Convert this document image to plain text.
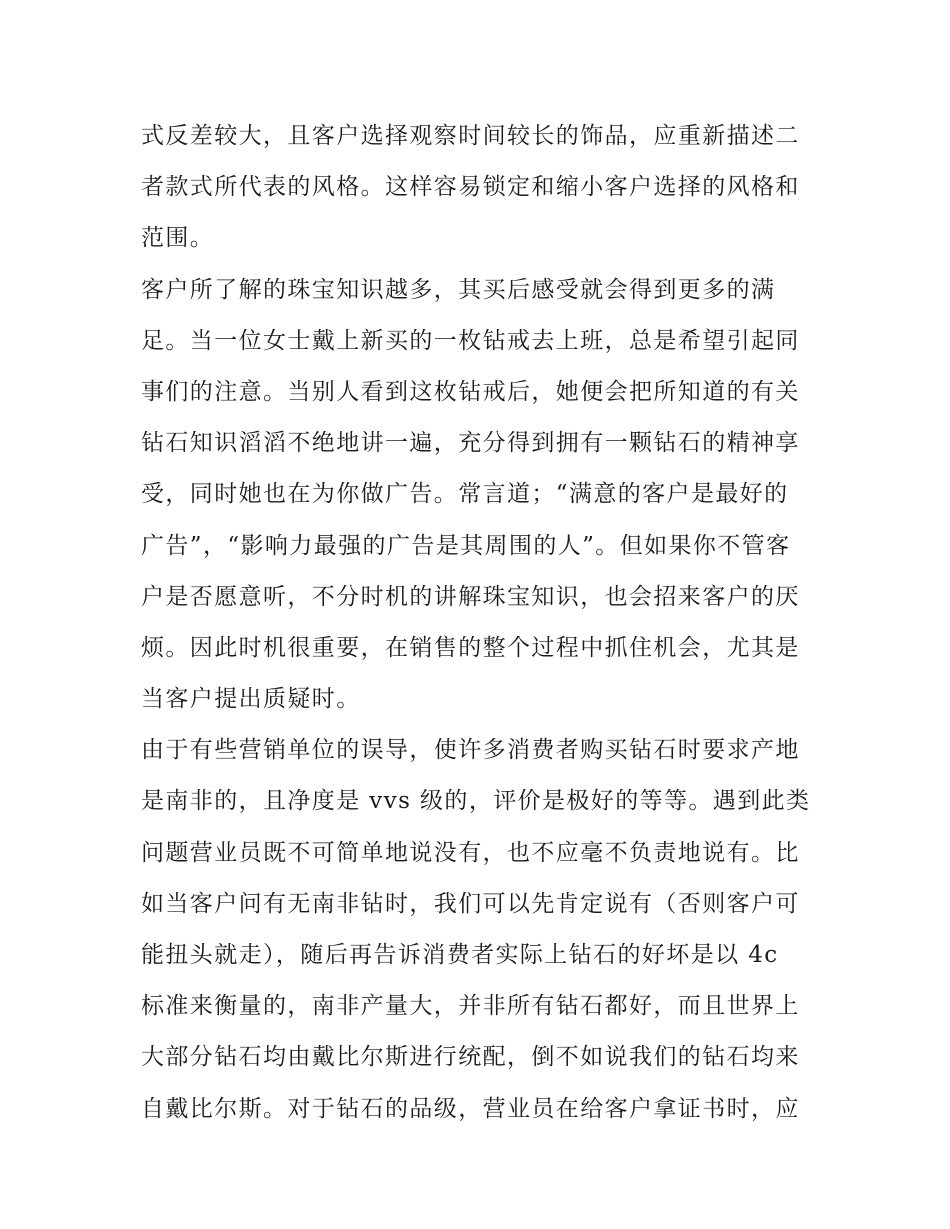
式反差较大，且客户选择观察时间较长的饰品，应重新描述二
者款式所代表的风格。这样容易锁定和缩小客户选择的风格和
范围。
客户所了解的珠宝知识越多，其买后感受就会得到更多的满
足。当一位女士戴上新买的一枚钻戒去上班，总是希望引起同
事们的注意。当别人看到这枚钻戒后，她便会把所知道的有关
钻石知识滔滔不绝地讲一遍，充分得到拥有一颗钻石的精神享
受，同时她也在为你做广告。常言道；“满意的客户是最好的
广告”，“影响力最强的广告是其周围的人”。但如果你不管客
户是否愿意听，不分时机的讲解珠宝知识，也会招来客户的厌
烦。因此时机很重要，在销售的整个过程中抓住机会，尤其是
当客户提出质疑时。
由于有些营销单位的误导，使许多消费者购买钻石时要求产地
是南非的，且净度是 vvs 级的，评价是极好的等等。遇到此类
问题营业员既不可简单地说没有，也不应毫不负责地说有。比
如当客户问有无南非钻时，我们可以先肯定说有（否则客户可
能扭头就走），随后再告诉消费者实际上钻石的好坏是以 4c
标准来衡量的，南非产量大，并非所有钻石都好，而且世界上
大部分钻石均由戴比尔斯进行统配，倒不如说我们的钻石均来
自戴比尔斯。对于钻石的品级，营业员在给客户拿证书时，应
